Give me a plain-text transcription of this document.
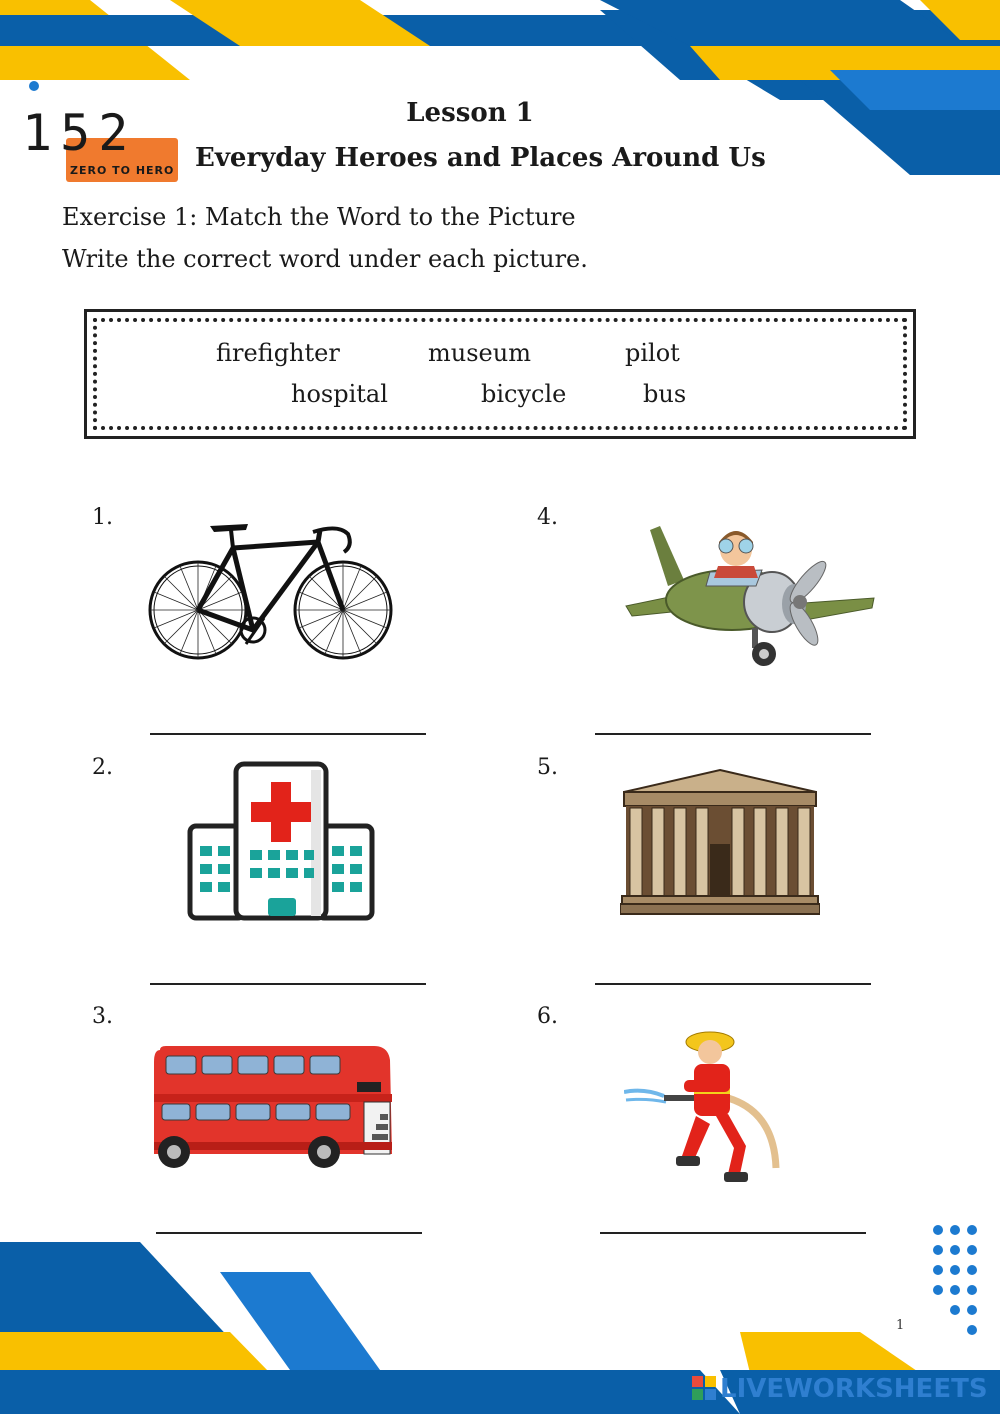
152
ZERO TO HERO
Lesson 1
Everyday Heroes and Places Around Us
Exercise 1: Match the Word to the Picture
Write the correct word under each picture.
firefighter	museum	pilot
hospital	bicycle	bus
1.
2.
3.
4.
5.
6.
1
LIVEWORKSHEETS
